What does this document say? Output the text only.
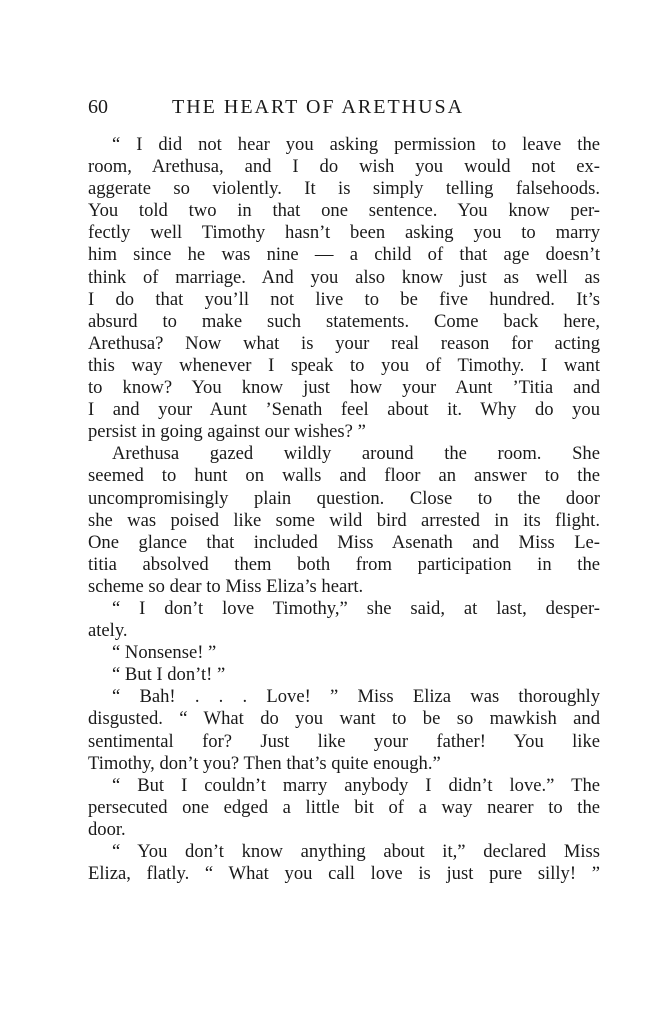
60	THE HEART OF ARETHUSA
“ I did not hear you asking permission to leave the
room, Arethusa, and I do wish you would not ex-
aggerate so violently. It is simply telling falsehoods.
You told two in that one sentence. You know per-
fectly well Timothy hasn’t been asking you to marry
him since he was nine — a child of that age doesn’t
think of marriage. And you also know just as well as
I do that you’ll not live to be five hundred. It’s
absurd to make such statements. Come back here,
Arethusa? Now what is your real reason for acting
this way whenever I speak to you of Timothy. I want
to know? You know just how your Aunt ’Titia and
I and your Aunt ’Senath feel about it. Why do you
persist in going against our wishes? ”
Arethusa gazed wildly around the room. She
seemed to hunt on walls and floor an answer to the
uncompromisingly plain question. Close to the door
she was poised like some wild bird arrested in its flight.
One glance that included Miss Asenath and Miss Le-
titia absolved them both from participation in the
scheme so dear to Miss Eliza’s heart.
“ I don’t love Timothy,” she said, at last, desper-
ately.
“ Nonsense! ”
“ But I don’t! ”
“ Bah! . . . Love! ” Miss Eliza was thoroughly
disgusted. “ What do you want to be so mawkish and
sentimental for? Just like your father! You like
Timothy, don’t you? Then that’s quite enough.”
“ But I couldn’t marry anybody I didn’t love.” The
persecuted one edged a little bit of a way nearer to the
door.
“ You don’t know anything about it,” declared Miss
Eliza, flatly. “ What you call love is just pure silly! ”
